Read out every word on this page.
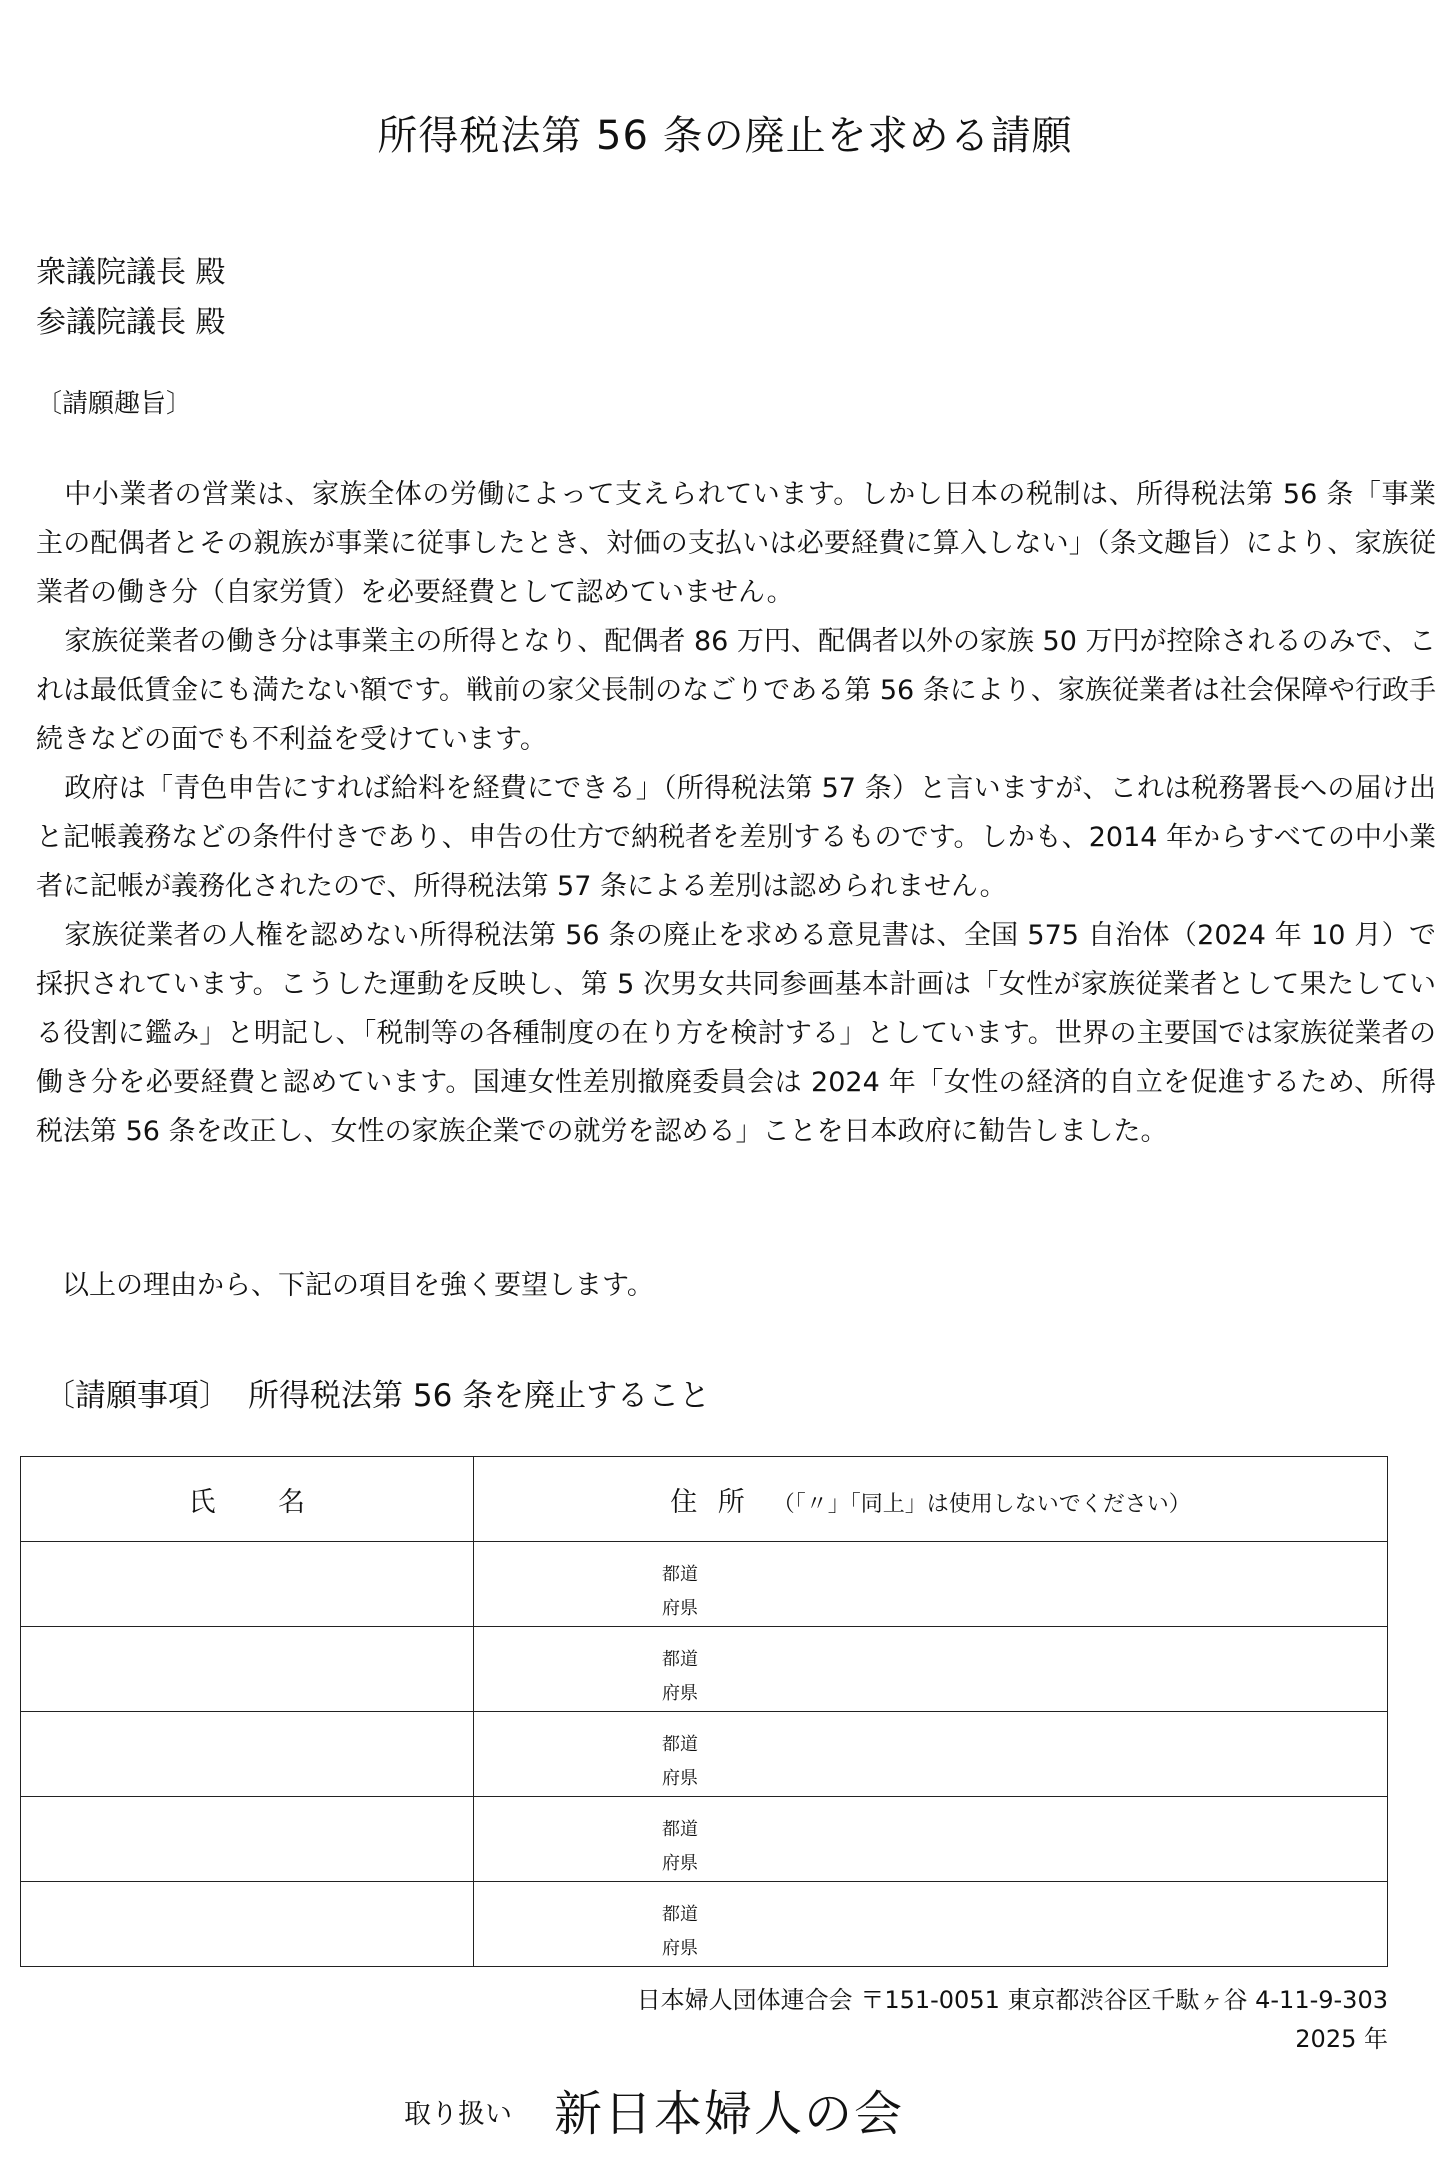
所得税法第 56 条の廃止を求める請願
衆議院議長 殿
参議院議長 殿
〔請願趣旨〕

中小業者の営業は、家族全体の労働によって支えられています。しかし日本の税制は、所得税法第 56 条「事業主の配偶者とその親族が事業に従事したとき、対価の支払いは必要経費に算入しない」（条文趣旨）により、家族従業者の働き分（自家労賃）を必要経費として認めていません。

家族従業者の働き分は事業主の所得となり、配偶者 86 万円、配偶者以外の家族 50 万円が控除されるのみで、これは最低賃金にも満たない額です。戦前の家父長制のなごりである第 56 条により、家族従業者は社会保障や行政手続きなどの面でも不利益を受けています。

政府は「青色申告にすれば給料を経費にできる」（所得税法第 57 条）と言いますが、これは税務署長への届け出と記帳義務などの条件付きであり、申告の仕方で納税者を差別するものです。しかも、2014 年からすべての中小業者に記帳が義務化されたので、所得税法第 57 条による差別は認められません。

家族従業者の人権を認めない所得税法第 56 条の廃止を求める意見書は、全国 575 自治体（2024 年 10 月）で採択されています。こうした運動を反映し、第 5 次男女共同参画基本計画は「女性が家族従業者として果たしている役割に鑑み」と明記し、「税制等の各種制度の在り方を検討する」としています。世界の主要国では家族従業者の働き分を必要経費と認めています。国連女性差別撤廃委員会は 2024 年「女性の経済的自立を促進するため、所得税法第 56 条を改正し、女性の家族企業での就労を認める」ことを日本政府に勧告しました。

以上の理由から、下記の項目を強く要望します。
〔請願事項〕 所得税法第 56 条を廃止すること
氏 名	住 所 （「〃」「同上」は使用しないでください）

	都道
府県

	都道
府県

	都道
府県

	都道
府県

	都道
府県
日本婦人団体連合会 〒151-0051 東京都渋谷区千駄ヶ谷 4-11-9-303
2025 年
取り扱い 新日本婦人の会
